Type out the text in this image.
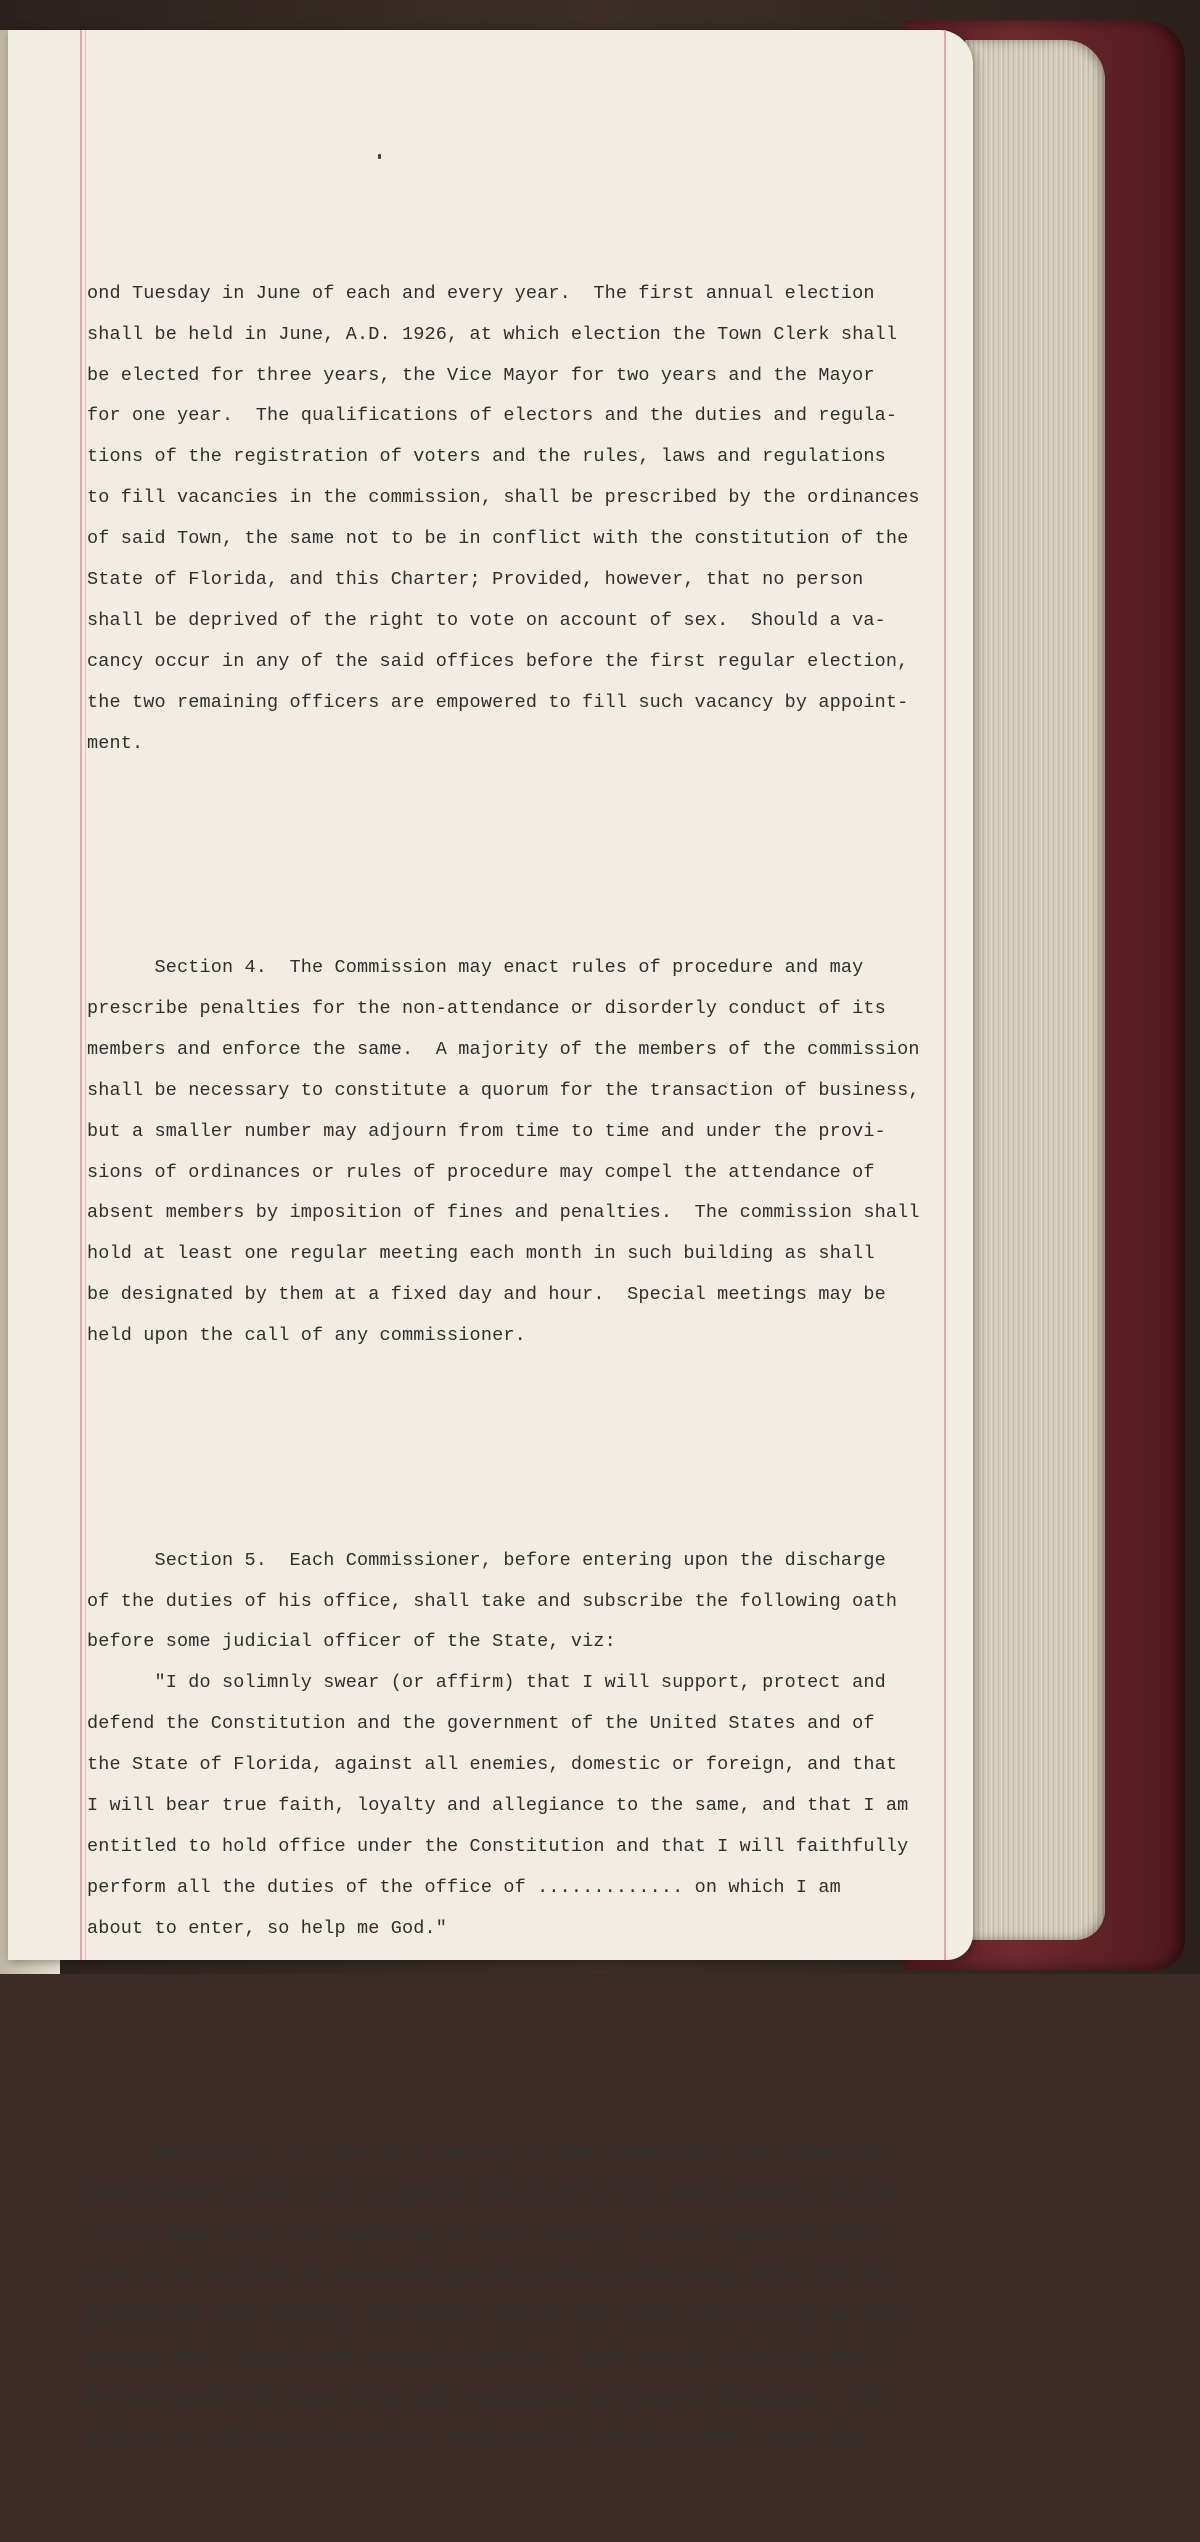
ond Tuesday in June of each and every year.  The first annual election
shall be held in June, A.D. 1926, at which election the Town Clerk shall
be elected for three years, the Vice Mayor for two years and the Mayor
for one year.  The qualifications of electors and the duties and regula-
tions of the registration of voters and the rules, laws and regulations
to fill vacancies in the commission, shall be prescribed by the ordinances
of said Town, the same not to be in conflict with the constitution of the
State of Florida, and this Charter; Provided, however, that no person
shall be deprived of the right to vote on account of sex.  Should a va-
cancy occur in any of the said offices before the first regular election,
the two remaining officers are empowered to fill such vacancy by appoint-
ment.

Section 4.  The Commission may enact rules of procedure and may
prescribe penalties for the non-attendance or disorderly conduct of its
members and enforce the same.  A majority of the members of the commission
shall be necessary to constitute a quorum for the transaction of business,
but a smaller number may adjourn from time to time and under the provi-
sions of ordinances or rules of procedure may compel the attendance of
absent members by imposition of fines and penalties.  The commission shall
hold at least one regular meeting each month in such building as shall
be designated by them at a fixed day and hour.  Special meetings may be
held upon the call of any commissioner.

Section 5.  Each Commissioner, before entering upon the discharge
of the duties of his office, shall take and subscribe the following oath
before some judicial officer of the State, viz:
"I do solimnly swear (or affirm) that I will support, protect and
defend the Constitution and the government of the United States and of
the State of Florida, against all enemies, domestic or foreign, and that
I will bear true faith, loyalty and allegiance to the same, and that I am
entitled to hold office under the Constitution and that I will faithfully
perform all the duties of the office of ............. on which I am
about to enter, so help me God."

Section 6.  In case of a vacancy in the Commission, the remaining
Commissioners shall call a special election to fill such vacancy, within
thirty days after the beginning of such vacancy, unless a general elec-
tion is to be held in said municipality within ninety days after the be-
ginning of such vacancy, whereupon, and in such case, the filling of such
vacancy shall be at such general election.  Such special election shall
be held under the same rules and regulations as general elections.  The
officer or officers elected at  such special election shall serve for
